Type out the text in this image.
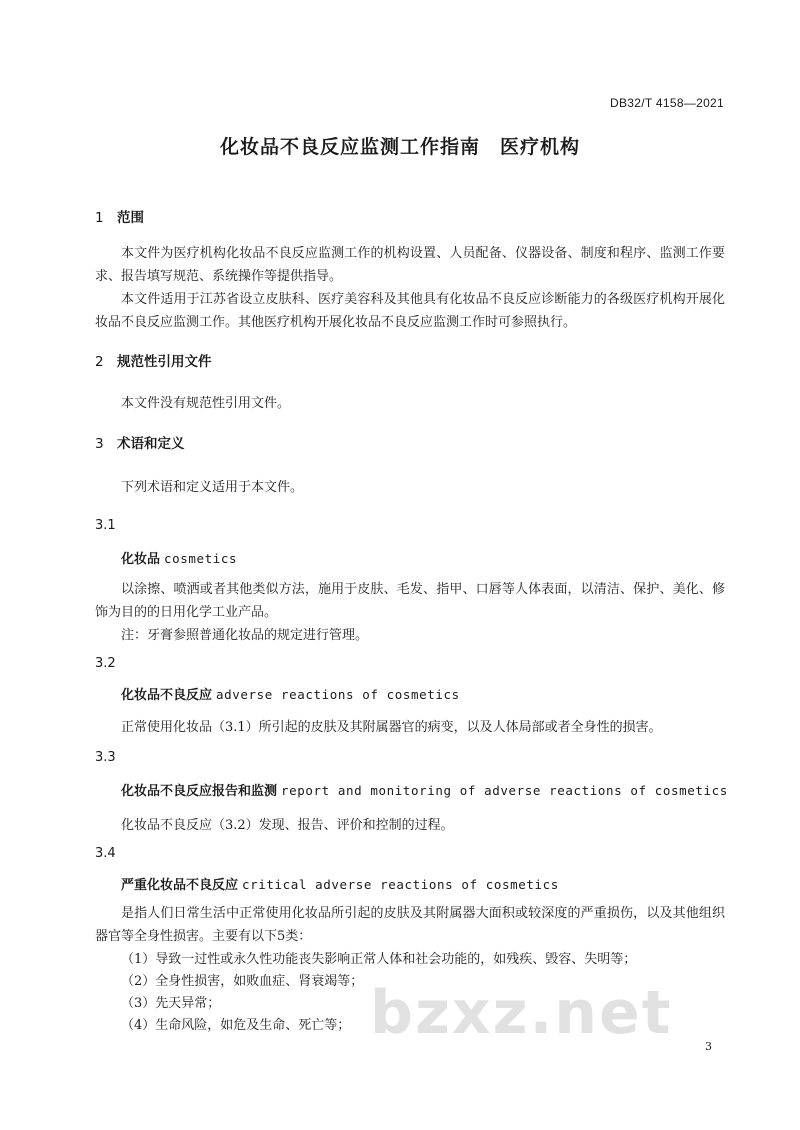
DB32/T 4158—2021
化妆品不良反应监测工作指南　医疗机构
1 范围
本文件为医疗机构化妆品不良反应监测工作的机构设置、人员配备、仪器设备、制度和程序、监测工作要求、报告填写规范、系统操作等提供指导。
本文件适用于江苏省设立皮肤科、医疗美容科及其他具有化妆品不良反应诊断能力的各级医疗机构开展化妆品不良反应监测工作。其他医疗机构开展化妆品不良反应监测工作时可参照执行。
2 规范性引用文件
本文件没有规范性引用文件。
3 术语和定义
下列术语和定义适用于本文件。
3.1
化妆品 cosmetics
以涂擦、喷洒或者其他类似方法，施用于皮肤、毛发、指甲、口唇等人体表面，以清洁、保护、美化、修饰为目的的日用化学工业产品。
注：牙膏参照普通化妆品的规定进行管理。
3.2
化妆品不良反应 adverse reactions of cosmetics
正常使用化妆品（3.1）所引起的皮肤及其附属器官的病变，以及人体局部或者全身性的损害。
3.3
化妆品不良反应报告和监测 report and monitoring of adverse reactions of cosmetics
化妆品不良反应（3.2）发现、报告、评价和控制的过程。
3.4
严重化妆品不良反应 critical adverse reactions of cosmetics
是指人们日常生活中正常使用化妆品所引起的皮肤及其附属器大面积或较深度的严重损伤，以及其他组织器官等全身性损害。主要有以下5类：
（1）导致一过性或永久性功能丧失影响正常人体和社会功能的，如残疾、毁容、失明等；
（2）全身性损害，如败血症、肾衰竭等；
（3）先天异常；
（4）生命风险，如危及生命、死亡等； bzxz.net	3
